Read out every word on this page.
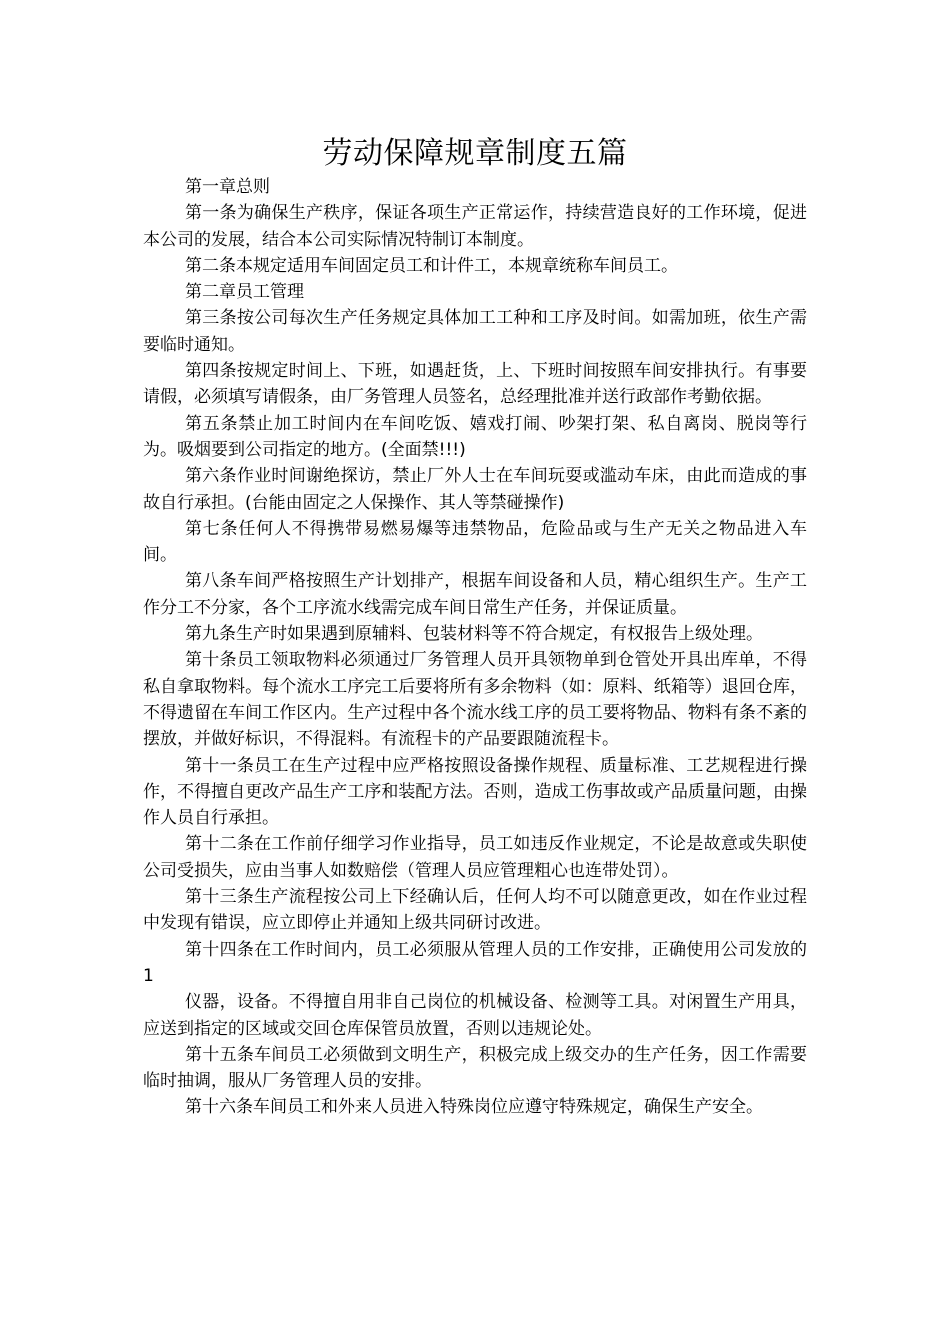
劳动保障规章制度五篇

第一章总则

第一条为确保生产秩序，保证各项生产正常运作，持续营造良好的工作环境，促进本公司的发展，结合本公司实际情况特制订本制度。

第二条本规定适用车间固定员工和计件工，本规章统称车间员工。

第二章员工管理

第三条按公司每次生产任务规定具体加工工种和工序及时间。如需加班，依生产需要临时通知。

第四条按规定时间上、下班，如遇赶货，上、下班时间按照车间安排执行。有事要请假，必须填写请假条，由厂务管理人员签名，总经理批准并送行政部作考勤依据。

第五条禁止加工时间内在车间吃饭、嬉戏打闹、吵架打架、私自离岗、脱岗等行为。吸烟要到公司指定的地方。(全面禁!!!)

第六条作业时间谢绝探访，禁止厂外人士在车间玩耍或滥动车床，由此而造成的事故自行承担。(台能由固定之人保操作、其人等禁碰操作)

第七条任何人不得携带易燃易爆等违禁物品，危险品或与生产无关之物品进入车间。

第八条车间严格按照生产计划排产，根据车间设备和人员，精心组织生产。生产工作分工不分家，各个工序流水线需完成车间日常生产任务，并保证质量。

第九条生产时如果遇到原辅料、包装材料等不符合规定，有权报告上级处理。

第十条员工领取物料必须通过厂务管理人员开具领物单到仓管处开具出库单，不得私自拿取物料。每个流水工序完工后要将所有多余物料（如：原料、纸箱等）退回仓库，不得遗留在车间工作区内。生产过程中各个流水线工序的员工要将物品、物料有条不紊的摆放，并做好标识，不得混料。有流程卡的产品要跟随流程卡。

第十一条员工在生产过程中应严格按照设备操作规程、质量标准、工艺规程进行操作，不得擅自更改产品生产工序和装配方法。否则，造成工伤事故或产品质量问题，由操作人员自行承担。

第十二条在工作前仔细学习作业指导，员工如违反作业规定，不论是故意或失职使公司受损失，应由当事人如数赔偿（管理人员应管理粗心也连带处罚）。

第十三条生产流程按公司上下经确认后，任何人均不可以随意更改，如在作业过程中发现有错误，应立即停止并通知上级共同研讨改进。

第十四条在工作时间内，员工必须服从管理人员的工作安排，正确使用公司发放的1

仪器，设备。不得擅自用非自己岗位的机械设备、检测等工具。对闲置生产用具，应送到指定的区域或交回仓库保管员放置，否则以违规论处。

第十五条车间员工必须做到文明生产，积极完成上级交办的生产任务，因工作需要临时抽调，服从厂务管理人员的安排。

第十六条车间员工和外来人员进入特殊岗位应遵守特殊规定，确保生产安全。
